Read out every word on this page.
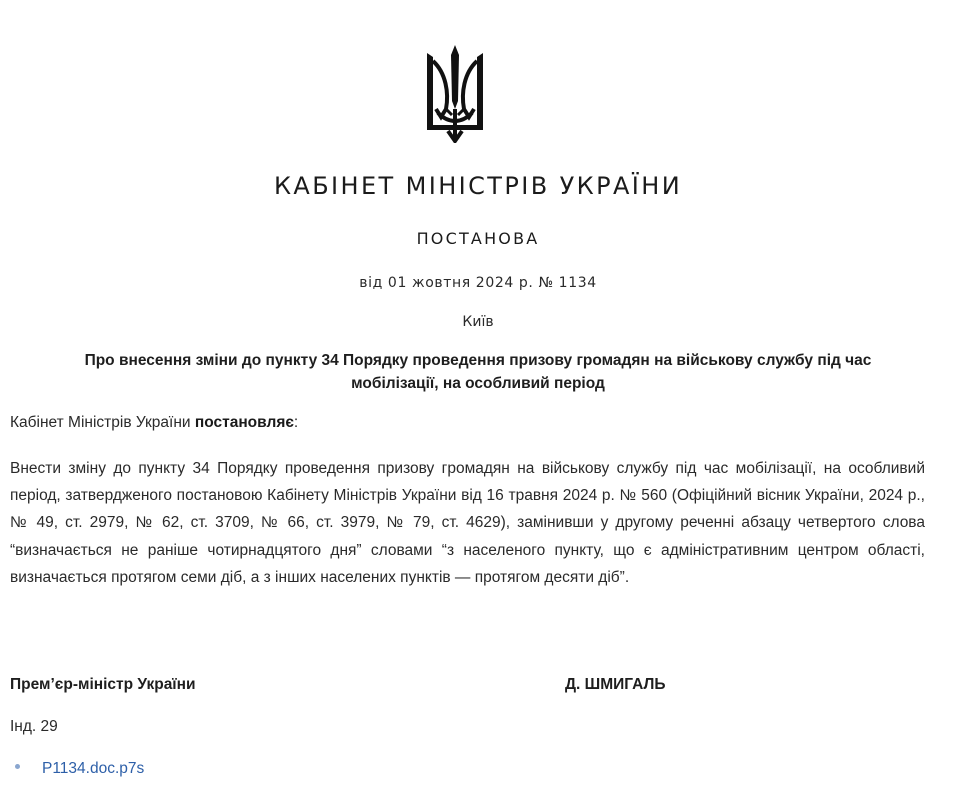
КАБІНЕТ МІНІСТРІВ УКРАЇНИ
ПОСТАНОВА
від 01 жовтня 2024 р. № 1134
Київ
Про внесення зміни до пункту 34 Порядку проведення призову громадян на військову службу під час мобілізації, на особливий період
Кабінет Міністрів України постановляє:
Внести зміну до пункту 34 Порядку проведення призову громадян на військову службу під час мобілізації, на особливий період, затвердженого постановою Кабінету Міністрів України від 16 травня 2024 р. № 560 (Офіційний вісник України, 2024 р., № 49, ст. 2979, № 62, ст. 3709, № 66, ст. 3979, № 79, ст. 4629), замінивши у другому реченні абзацу четвертого слова “визначається не раніше чотирнадцятого дня” словами “з населеного пункту, що є адміністративним центром області, визначається протягом семи діб, а з інших населених пунктів — протягом десяти діб”.
Прем’єр-міністр України	Д. ШМИГАЛЬ
Інд. 29
P1134.doc.p7s
